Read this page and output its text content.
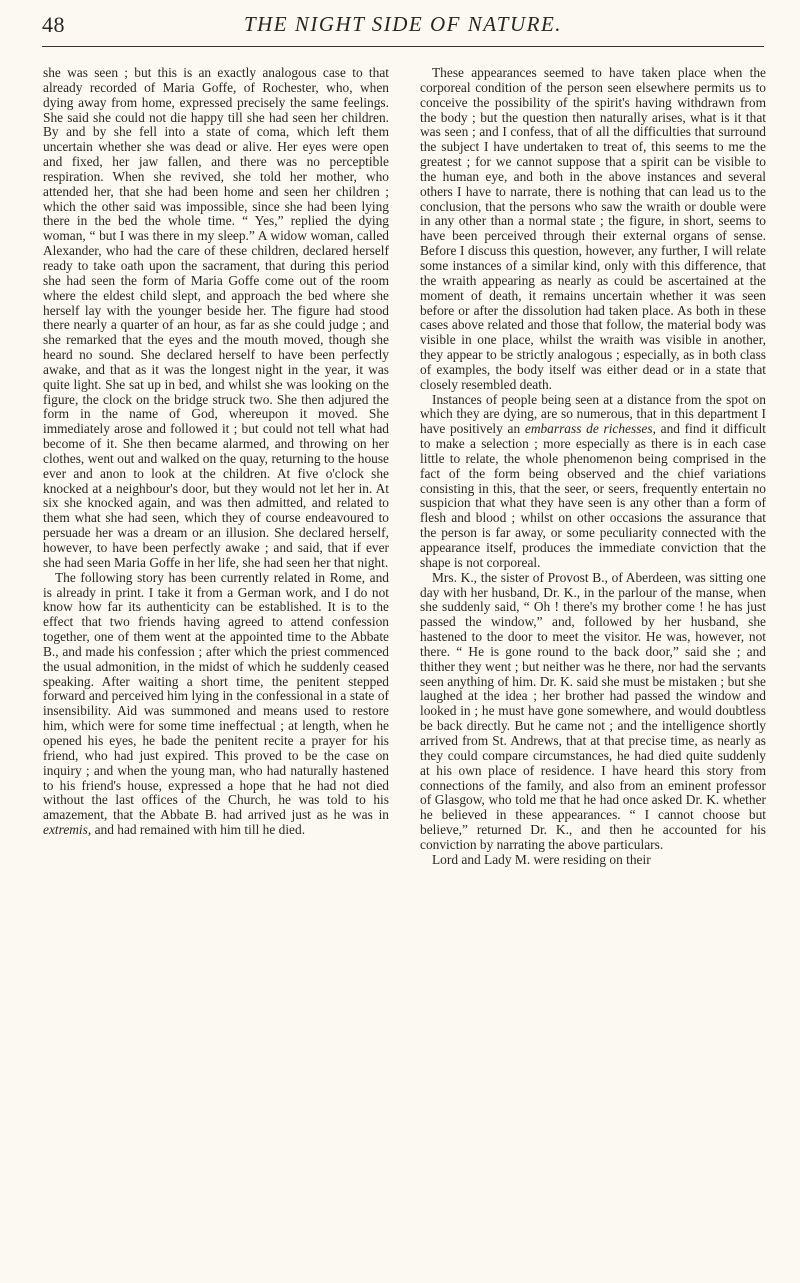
48	THE NIGHT SIDE OF NATURE.

she was seen ; but this is an exactly analogous case to that already recorded of Maria Goffe, of Rochester, who, when dying away from home, expressed precisely the same feelings. She said she could not die happy till she had seen her children. By and by she fell into a state of coma, which left them uncertain whether she was dead or alive. Her eyes were open and fixed, her jaw fallen, and there was no perceptible respiration. When she revived, she told her mother, who attended her, that she had been home and seen her children ; which the other said was impossible, since she had been lying there in the bed the whole time. “ Yes,” replied the dying woman, “ but I was there in my sleep.” A widow woman, called Alexander, who had the care of these children, declared herself ready to take oath upon the sacrament, that during this period she had seen the form of Maria Goffe come out of the room where the eldest child slept, and approach the bed where she herself lay with the younger beside her. The figure had stood there nearly a quarter of an hour, as far as she could judge ; and she remarked that the eyes and the mouth moved, though she heard no sound. She declared herself to have been perfectly awake, and that as it was the longest night in the year, it was quite light. She sat up in bed, and whilst she was looking on the figure, the clock on the bridge struck two. She then adjured the form in the name of God, whereupon it moved. She immediately arose and followed it ; but could not tell what had become of it. She then became alarmed, and throwing on her clothes, went out and walked on the quay, returning to the house ever and anon to look at the children. At five o'clock she knocked at a neighbour's door, but they would not let her in. At six she knocked again, and was then admitted, and related to them what she had seen, which they of course endeavoured to persuade her was a dream or an illusion. She declared herself, however, to have been perfectly awake ; and said, that if ever she had seen Maria Goffe in her life, she had seen her that night.

The following story has been currently related in Rome, and is already in print. I take it from a German work, and I do not know how far its authenticity can be established. It is to the effect that two friends having agreed to attend confession together, one of them went at the appointed time to the Abbate B., and made his confession ; after which the priest commenced the usual admonition, in the midst of which he suddenly ceased speaking. After waiting a short time, the penitent stepped forward and perceived him lying in the confessional in a state of insensibility. Aid was summoned and means used to restore him, which were for some time ineffectual ; at length, when he opened his eyes, he bade the penitent recite a prayer for his friend, who had just expired. This proved to be the case on inquiry ; and when the young man, who had naturally hastened to his friend's house, expressed a hope that he had not died without the last offices of the Church, he was told to his amazement, that the Abbate B. had arrived just as he was in extremis, and had remained with him till he died.

These appearances seemed to have taken place when the corporeal condition of the person seen elsewhere permits us to conceive the possibility of the spirit's having withdrawn from the body ; but the question then naturally arises, what is it that was seen ; and I confess, that of all the difficulties that surround the subject I have undertaken to treat of, this seems to me the greatest ; for we cannot suppose that a spirit can be visible to the human eye, and both in the above instances and several others I have to narrate, there is nothing that can lead us to the conclusion, that the persons who saw the wraith or double were in any other than a normal state ; the figure, in short, seems to have been perceived through their external organs of sense. Before I discuss this question, however, any further, I will relate some instances of a similar kind, only with this difference, that the wraith appearing as nearly as could be ascertained at the moment of death, it remains uncertain whether it was seen before or after the dissolution had taken place. As both in these cases above related and those that follow, the material body was visible in one place, whilst the wraith was visible in another, they appear to be strictly analogous ; especially, as in both class of examples, the body itself was either dead or in a state that closely resembled death.

Instances of people being seen at a distance from the spot on which they are dying, are so numerous, that in this department I have positively an embarrass de richesses, and find it difficult to make a selection ; more especially as there is in each case little to relate, the whole phenomenon being comprised in the fact of the form being observed and the chief variations consisting in this, that the seer, or seers, frequently entertain no suspicion that what they have seen is any other than a form of flesh and blood ; whilst on other occasions the assurance that the person is far away, or some peculiarity connected with the appearance itself, produces the immediate conviction that the shape is not corporeal.

Mrs. K., the sister of Provost B., of Aberdeen, was sitting one day with her husband, Dr. K., in the parlour of the manse, when she suddenly said, “ Oh ! there's my brother come ! he has just passed the window,” and, followed by her husband, she hastened to the door to meet the visitor. He was, however, not there. “ He is gone round to the back door,” said she ; and thither they went ; but neither was he there, nor had the servants seen anything of him. Dr. K. said she must be mistaken ; but she laughed at the idea ; her brother had passed the window and looked in ; he must have gone somewhere, and would doubtless be back directly. But he came not ; and the intelligence shortly arrived from St. Andrews, that at that precise time, as nearly as they could compare circumstances, he had died quite suddenly at his own place of residence. I have heard this story from connections of the family, and also from an eminent professor of Glasgow, who told me that he had once asked Dr. K. whether he believed in these appearances. “ I cannot choose but believe,” returned Dr. K., and then he accounted for his conviction by narrating the above particulars.

Lord and Lady M. were residing on their
